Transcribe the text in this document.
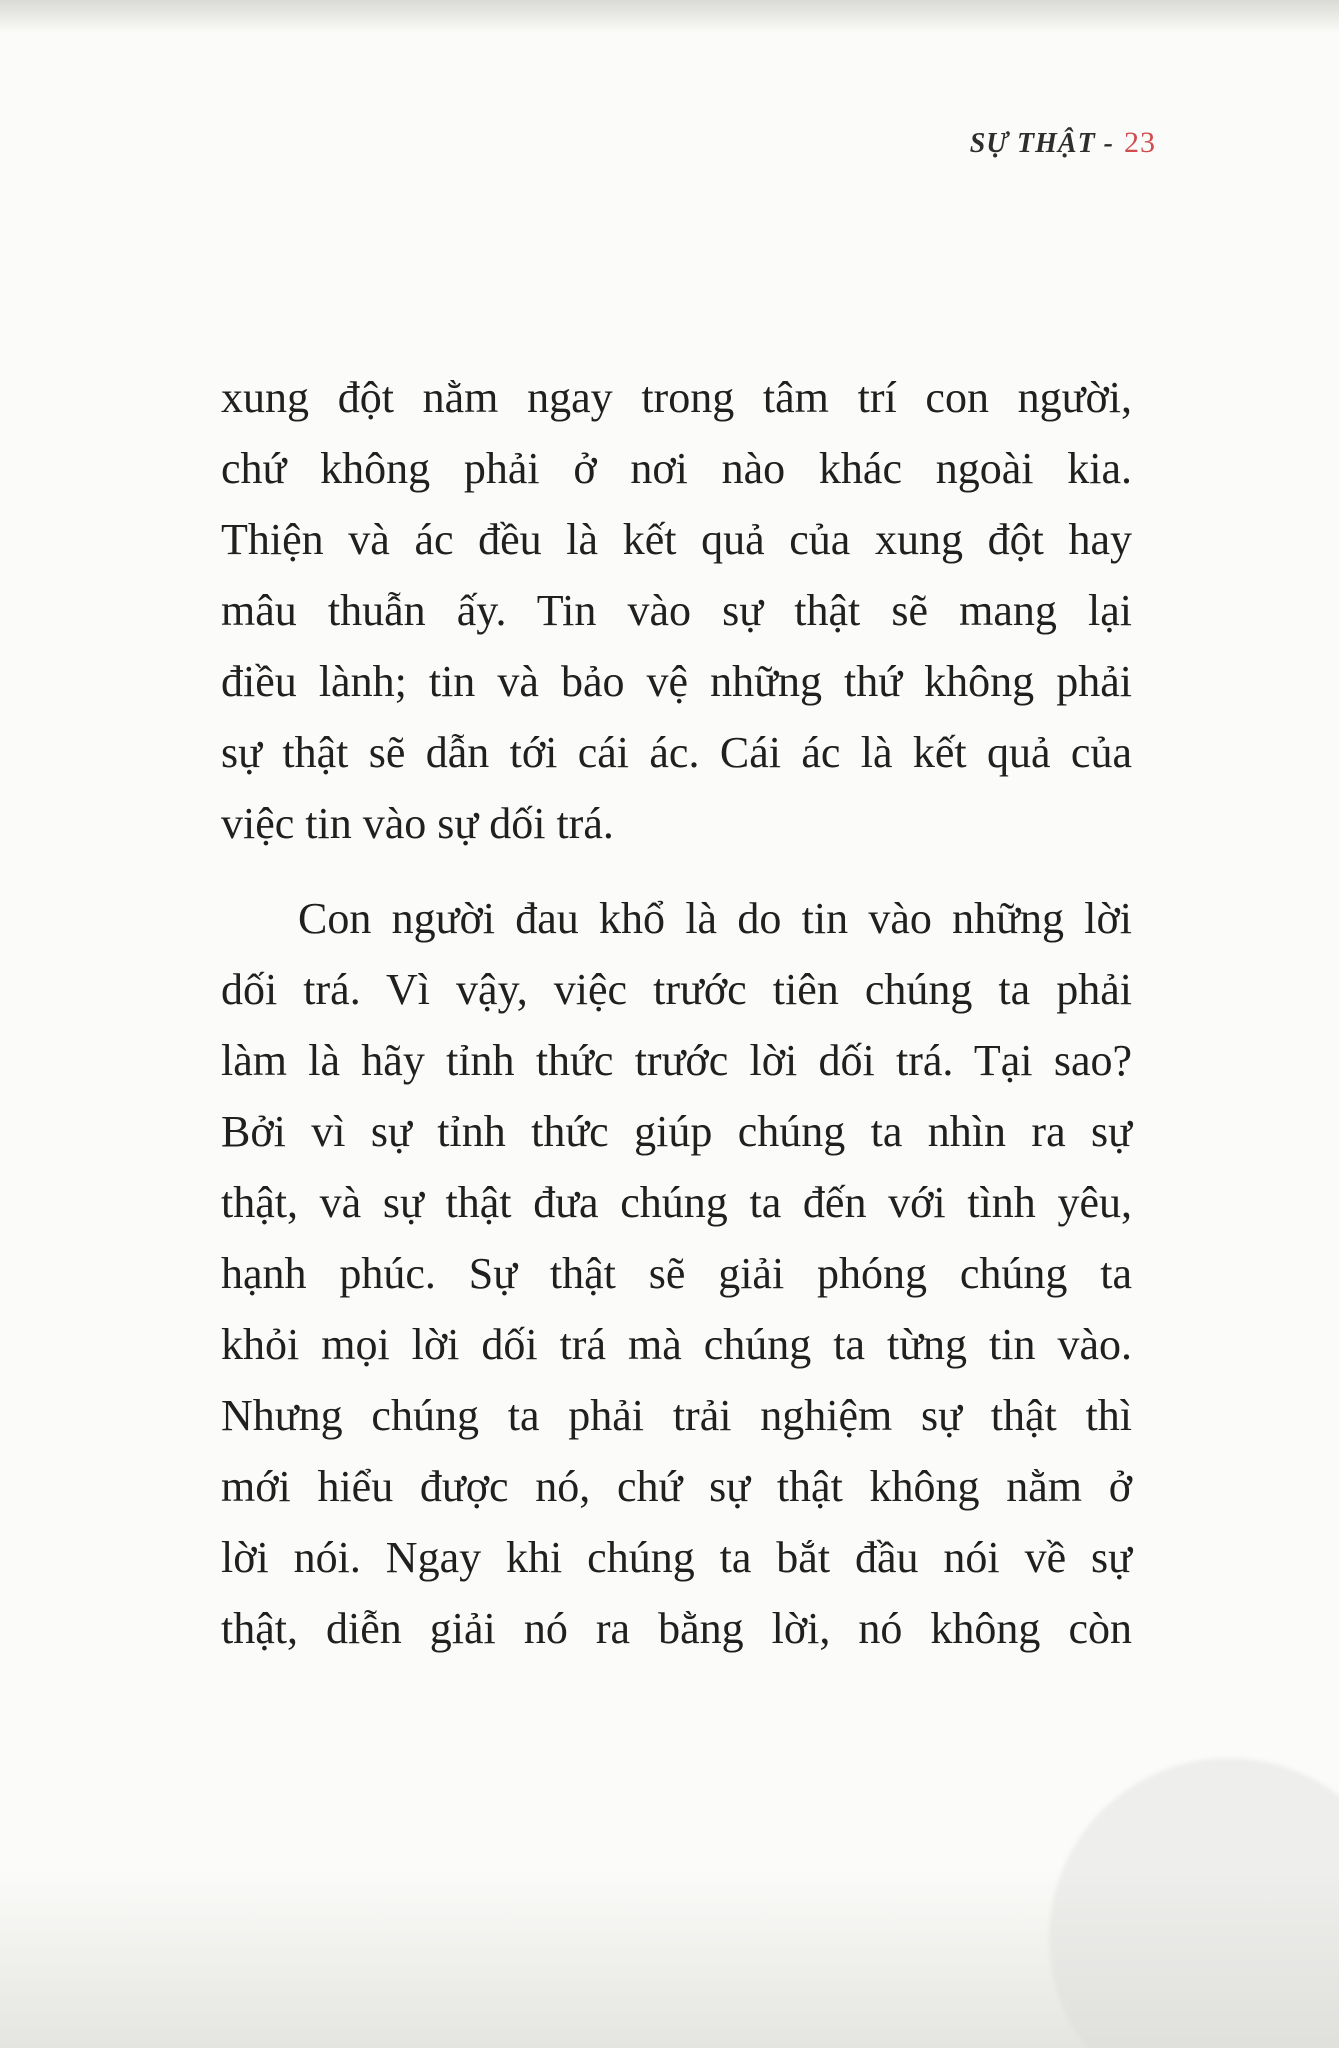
SỰ THẬT - 23

xung đột nằm ngay trong tâm trí con người,
chứ không phải ở nơi nào khác ngoài kia.
Thiện và ác đều là kết quả của xung đột hay
mâu thuẫn ấy. Tin vào sự thật sẽ mang lại
điều lành; tin và bảo vệ những thứ không phải
sự thật sẽ dẫn tới cái ác. Cái ác là kết quả của
việc tin vào sự dối trá.

Con người đau khổ là do tin vào những lời
dối trá. Vì vậy, việc trước tiên chúng ta phải
làm là hãy tỉnh thức trước lời dối trá. Tại sao?
Bởi vì sự tỉnh thức giúp chúng ta nhìn ra sự
thật, và sự thật đưa chúng ta đến với tình yêu,
hạnh phúc. Sự thật sẽ giải phóng chúng ta
khỏi mọi lời dối trá mà chúng ta từng tin vào.
Nhưng chúng ta phải trải nghiệm sự thật thì
mới hiểu được nó, chứ sự thật không nằm ở
lời nói. Ngay khi chúng ta bắt đầu nói về sự
thật, diễn giải nó ra bằng lời, nó không còn
